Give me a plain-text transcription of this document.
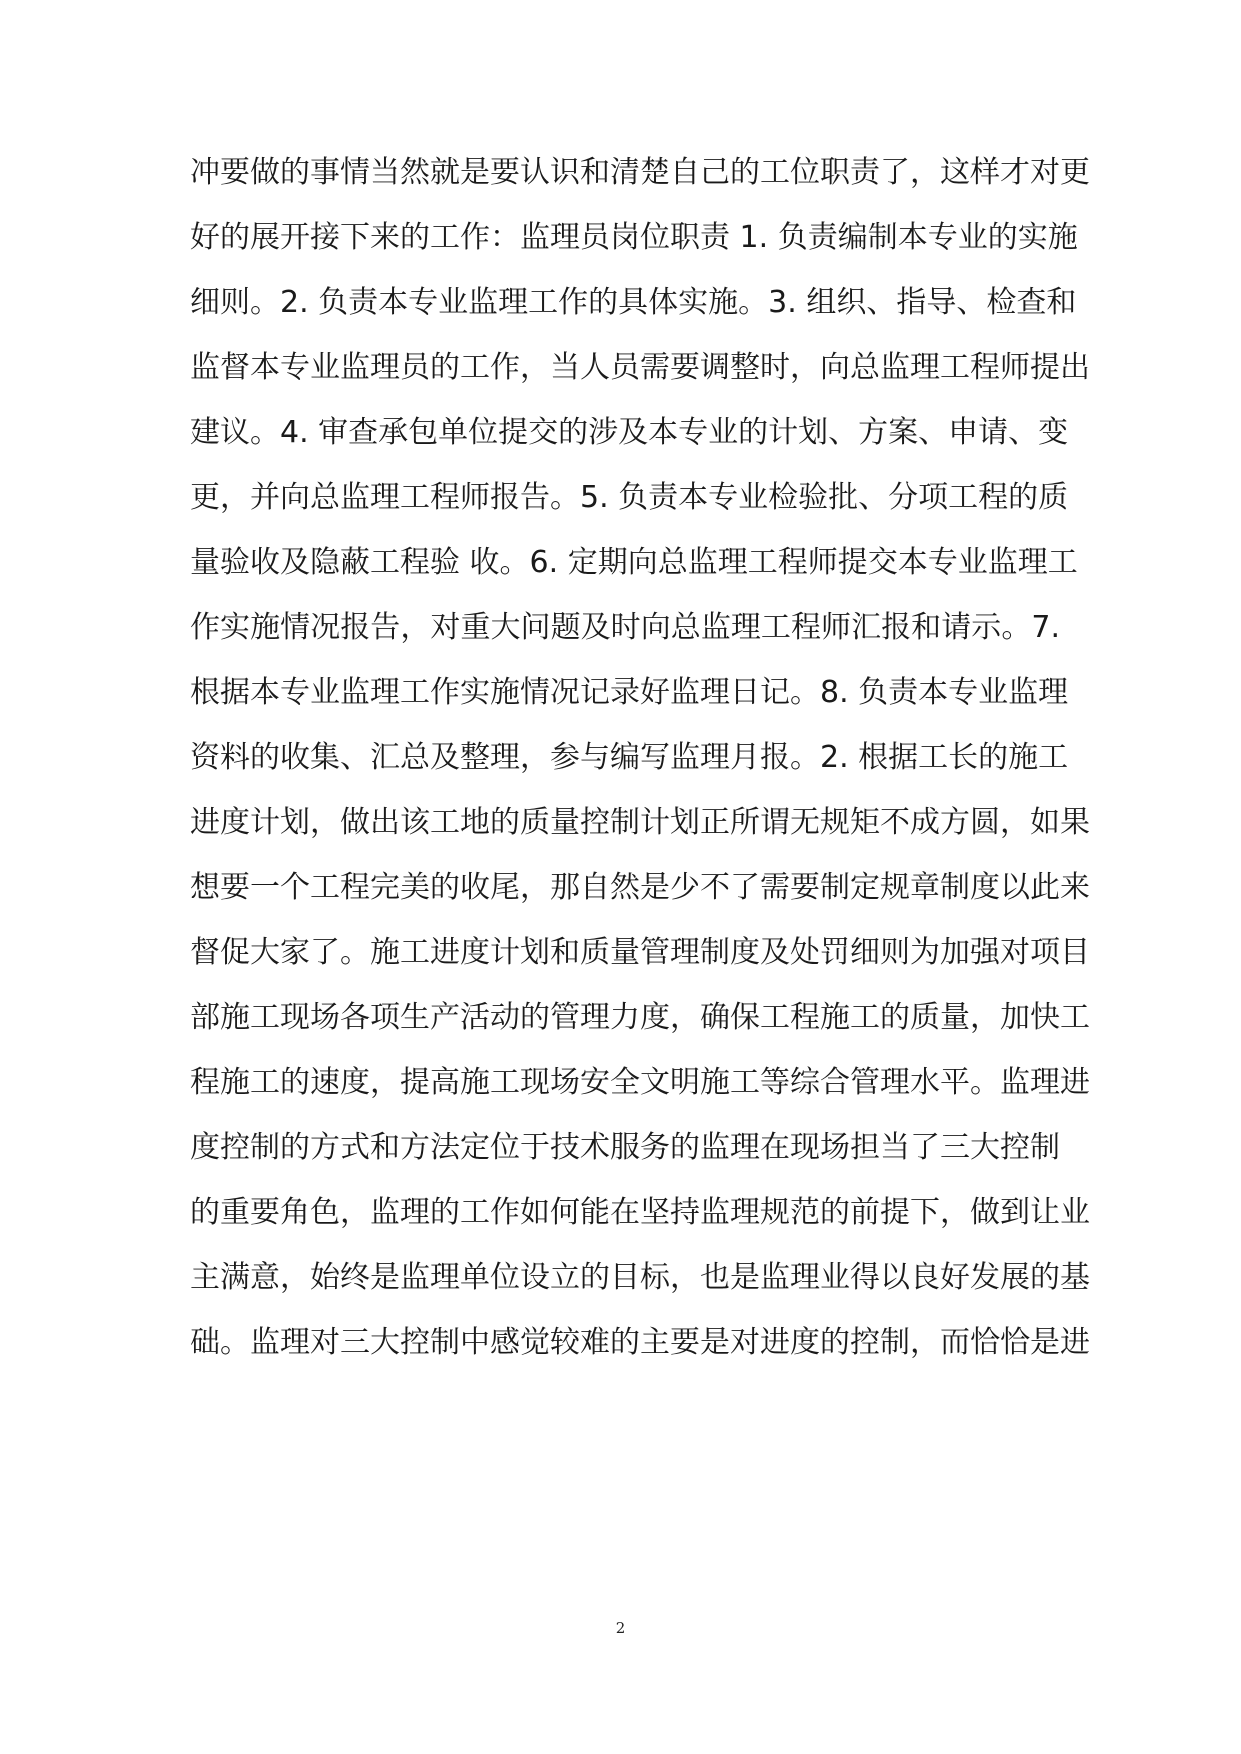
冲要做的事情当然就是要认识和清楚自己的工位职责了，这样才对更
好的展开接下来的工作：监理员岗位职责 1. 负责编制本专业的实施
细则。2. 负责本专业监理工作的具体实施。3. 组织、指导、检查和
监督本专业监理员的工作，当人员需要调整时，向总监理工程师提出
建议。4. 审查承包单位提交的涉及本专业的计划、方案、申请、变
更，并向总监理工程师报告。5. 负责本专业检验批、分项工程的质
量验收及隐蔽工程验 收。6. 定期向总监理工程师提交本专业监理工
作实施情况报告，对重大问题及时向总监理工程师汇报和请示。7.
根据本专业监理工作实施情况记录好监理日记。8. 负责本专业监理
资料的收集、汇总及整理，参与编写监理月报。2. 根据工长的施工
进度计划，做出该工地的质量控制计划正所谓无规矩不成方圆，如果
想要一个工程完美的收尾，那自然是少不了需要制定规章制度以此来
督促大家了。施工进度计划和质量管理制度及处罚细则为加强对项目
部施工现场各项生产活动的管理力度，确保工程施工的质量，加快工
程施工的速度，提高施工现场安全文明施工等综合管理水平。监理进
度控制的方式和方法定位于技术服务的监理在现场担当了三大控制
的重要角色，监理的工作如何能在坚持监理规范的前提下，做到让业
主满意，始终是监理单位设立的目标，也是监理业得以良好发展的基
础。监理对三大控制中感觉较难的主要是对进度的控制，而恰恰是进
2
